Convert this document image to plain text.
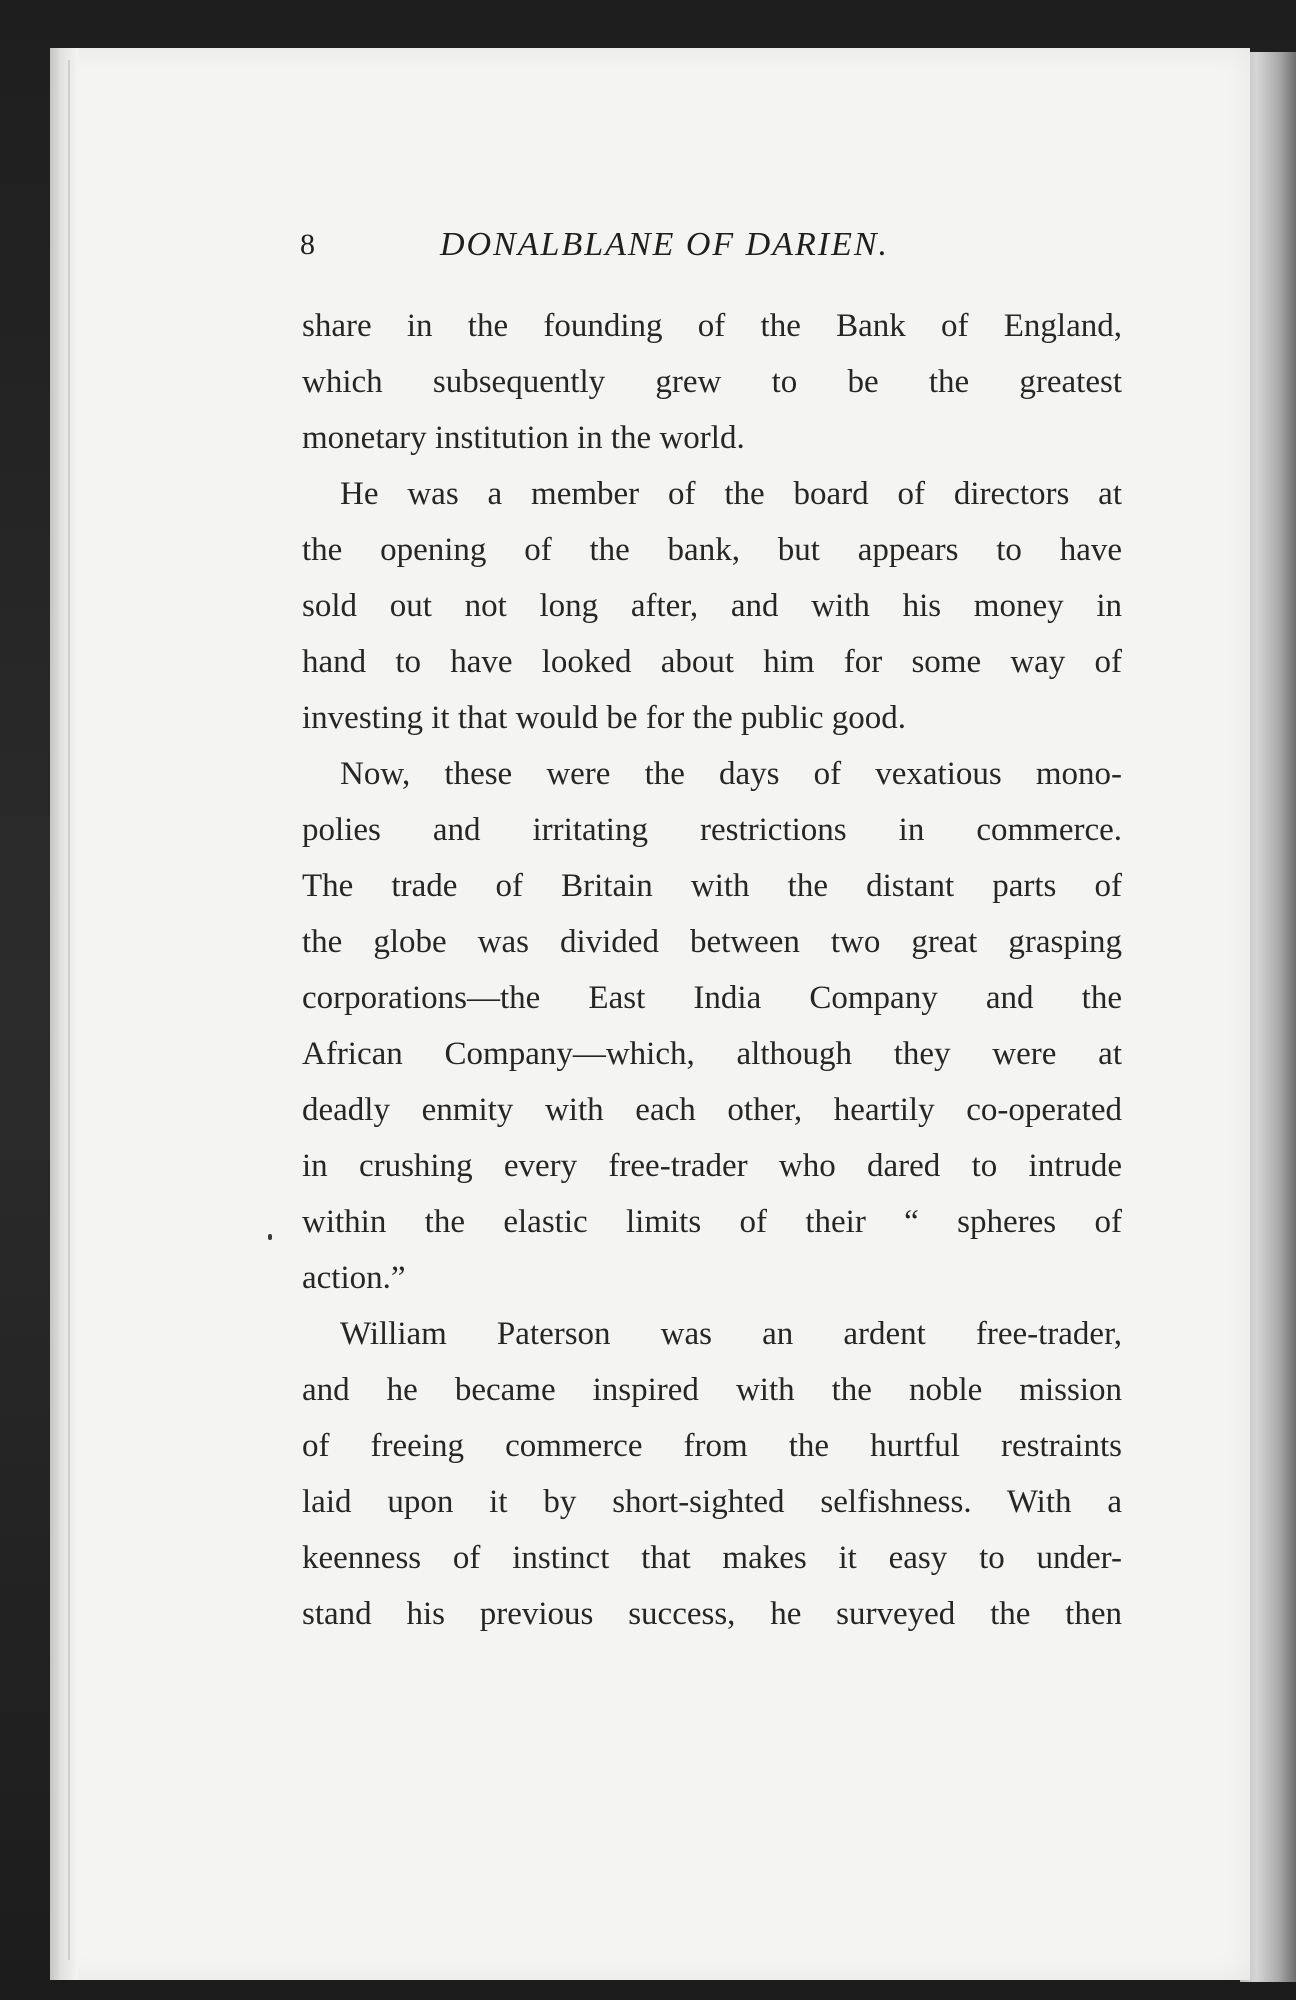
8	DONALBLANE OF DARIEN.
share in the founding of the Bank of England,
which subsequently grew to be the greatest
monetary institution in the world.
He was a member of the board of directors at
the opening of the bank, but appears to have
sold out not long after, and with his money in
hand to have looked about him for some way of
investing it that would be for the public good.
Now, these were the days of vexatious mono-
polies and irritating restrictions in commerce.
The trade of Britain with the distant parts of
the globe was divided between two great grasping
corporations—the East India Company and the
African Company—which, although they were at
deadly enmity with each other, heartily co-operated
in crushing every free-trader who dared to intrude
within the elastic limits of their “ spheres of
action.”
William Paterson was an ardent free-trader,
and he became inspired with the noble mission
of freeing commerce from the hurtful restraints
laid upon it by short-sighted selfishness. With a
keenness of instinct that makes it easy to under-
stand his previous success, he surveyed the then
